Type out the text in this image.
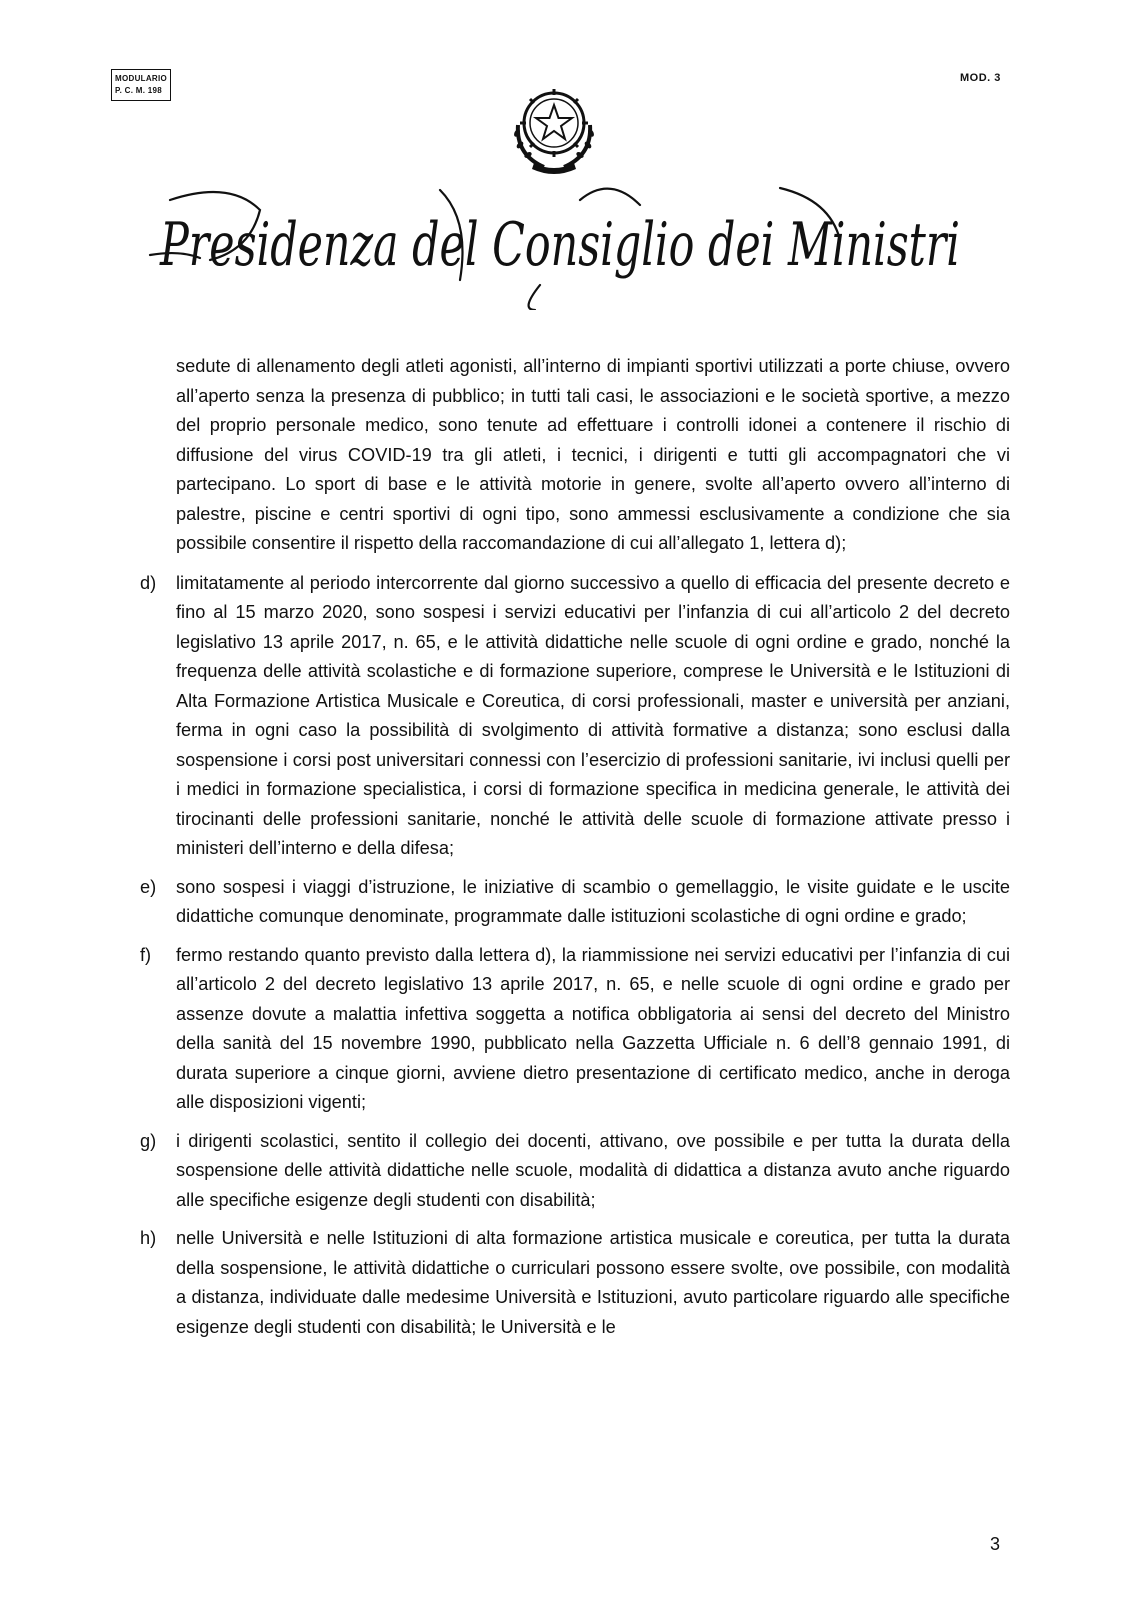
MODULARIO
P. C. M. 198
MOD. 3
Presidenza del Consiglio dei Ministri

sedute di allenamento degli atleti agonisti, all’interno di impianti sportivi utilizzati a porte chiuse, ovvero all’aperto senza la presenza di pubblico; in tutti tali casi, le associazioni e le società sportive, a mezzo del proprio personale medico, sono tenute ad effettuare i controlli idonei a contenere il rischio di diffusione del virus COVID-19 tra gli atleti, i tecnici, i dirigenti e tutti gli accompagnatori che vi partecipano. Lo sport di base e le attività motorie in genere, svolte all’aperto ovvero all’interno di palestre, piscine e centri sportivi di ogni tipo, sono ammessi esclusivamente a condizione che sia possibile consentire il rispetto della raccomandazione di cui all’allegato 1, lettera d);

d)	limitatamente al periodo intercorrente dal giorno successivo a quello di efficacia del presente decreto e fino al 15 marzo 2020, sono sospesi i servizi educativi per l’infanzia di cui all’articolo 2 del decreto legislativo 13 aprile 2017, n. 65, e le attività didattiche nelle scuole di ogni ordine e grado, nonché la frequenza delle attività scolastiche e di formazione superiore, comprese le Università e le Istituzioni di Alta Formazione Artistica Musicale e Coreutica, di corsi professionali, master e università per anziani, ferma in ogni caso la possibilità di svolgimento di attività formative a distanza; sono esclusi dalla sospensione i corsi post universitari connessi con l’esercizio di professioni sanitarie, ivi inclusi quelli per i medici in formazione specialistica, i corsi di formazione specifica in medicina generale, le attività dei tirocinanti delle professioni sanitarie, nonché le attività delle scuole di formazione attivate presso i ministeri dell’interno e della difesa;
e)	sono sospesi i viaggi d’istruzione, le iniziative di scambio o gemellaggio, le visite guidate e le uscite didattiche comunque denominate, programmate dalle istituzioni scolastiche di ogni ordine e grado;
f)	fermo restando quanto previsto dalla lettera d), la riammissione nei servizi educativi per l’infanzia di cui all’articolo 2 del decreto legislativo 13 aprile 2017, n. 65, e nelle scuole di ogni ordine e grado per assenze dovute a malattia infettiva soggetta a notifica obbligatoria ai sensi del decreto del Ministro della sanità del 15 novembre 1990, pubblicato nella Gazzetta Ufficiale n. 6 dell’8 gennaio 1991, di durata superiore a cinque giorni, avviene dietro presentazione di certificato medico, anche in deroga alle disposizioni vigenti;
g)	i dirigenti scolastici, sentito il collegio dei docenti, attivano, ove possibile e per tutta la durata della sospensione delle attività didattiche nelle scuole, modalità di didattica a distanza avuto anche riguardo alle specifiche esigenze degli studenti con disabilità;
h)	nelle Università e nelle Istituzioni di alta formazione artistica musicale e coreutica, per tutta la durata della sospensione, le attività didattiche o curriculari possono essere svolte, ove possibile, con modalità a distanza, individuate dalle medesime Università e Istituzioni, avuto particolare riguardo alle specifiche esigenze degli studenti con disabilità; le Università e le
3
